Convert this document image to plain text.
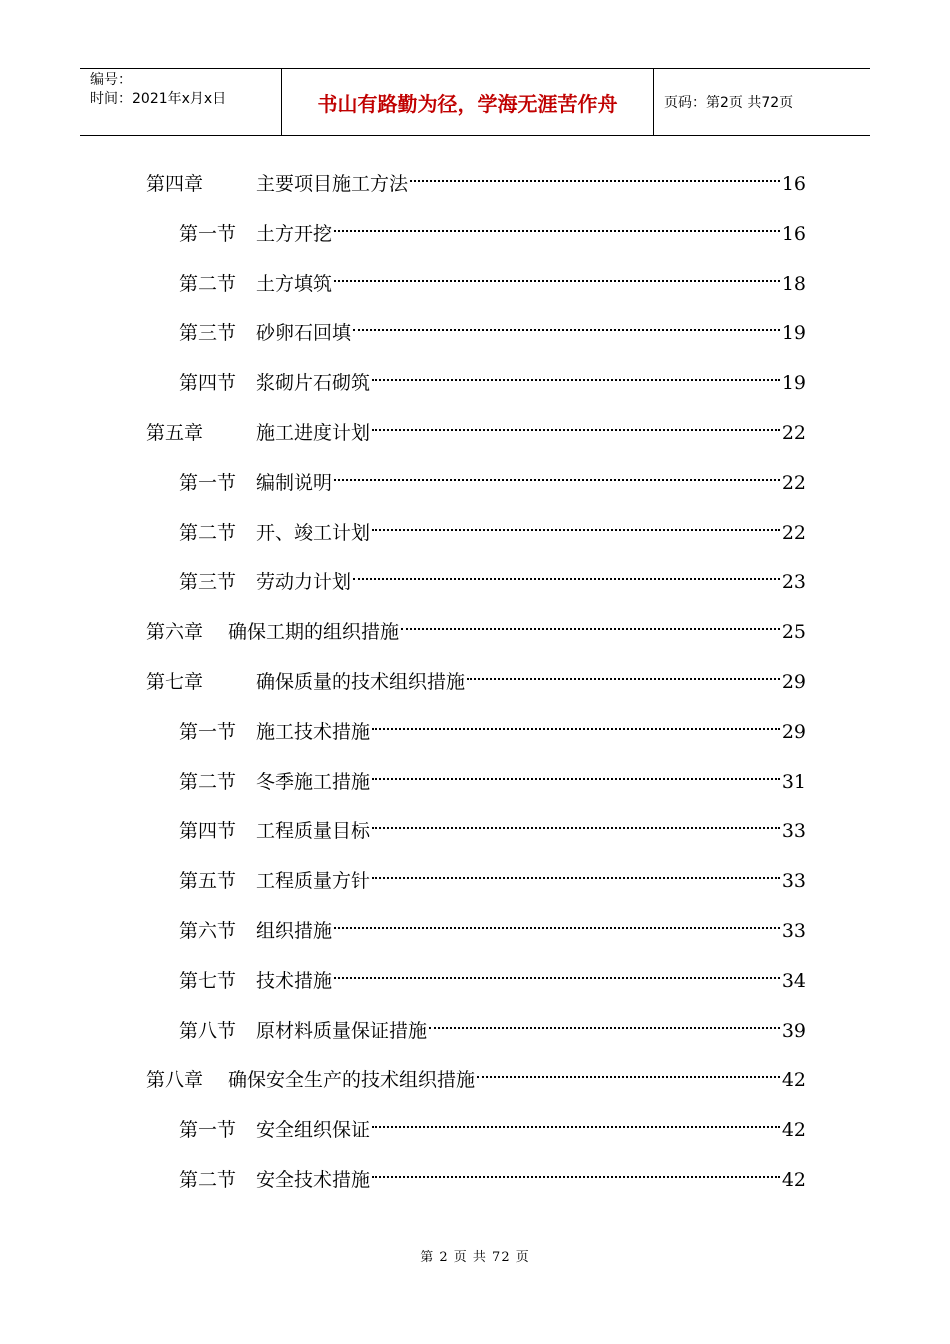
编号：
时间：2021年x月x日	书山有路勤为径，学海无涯苦作舟	页码：第2页 共72页
第四章	主要项目施工方法	16
第一节	土方开挖	16
第二节	土方填筑	18
第三节	砂卵石回填	19
第四节	浆砌片石砌筑	19
第五章	施工进度计划	22
第一节	编制说明	22
第二节	开、竣工计划	22
第三节	劳动力计划	23
第六章	确保工期的组织措施	25
第七章	确保质量的技术组织措施	29
第一节	施工技术措施	29
第二节	冬季施工措施	31
第四节	工程质量目标	33
第五节	工程质量方针	33
第六节	组织措施	33
第七节	技术措施	34
第八节	原材料质量保证措施	39
第八章	确保安全生产的技术组织措施	42
第一节	安全组织保证	42
第二节	安全技术措施	42
第 2 页 共 72 页
